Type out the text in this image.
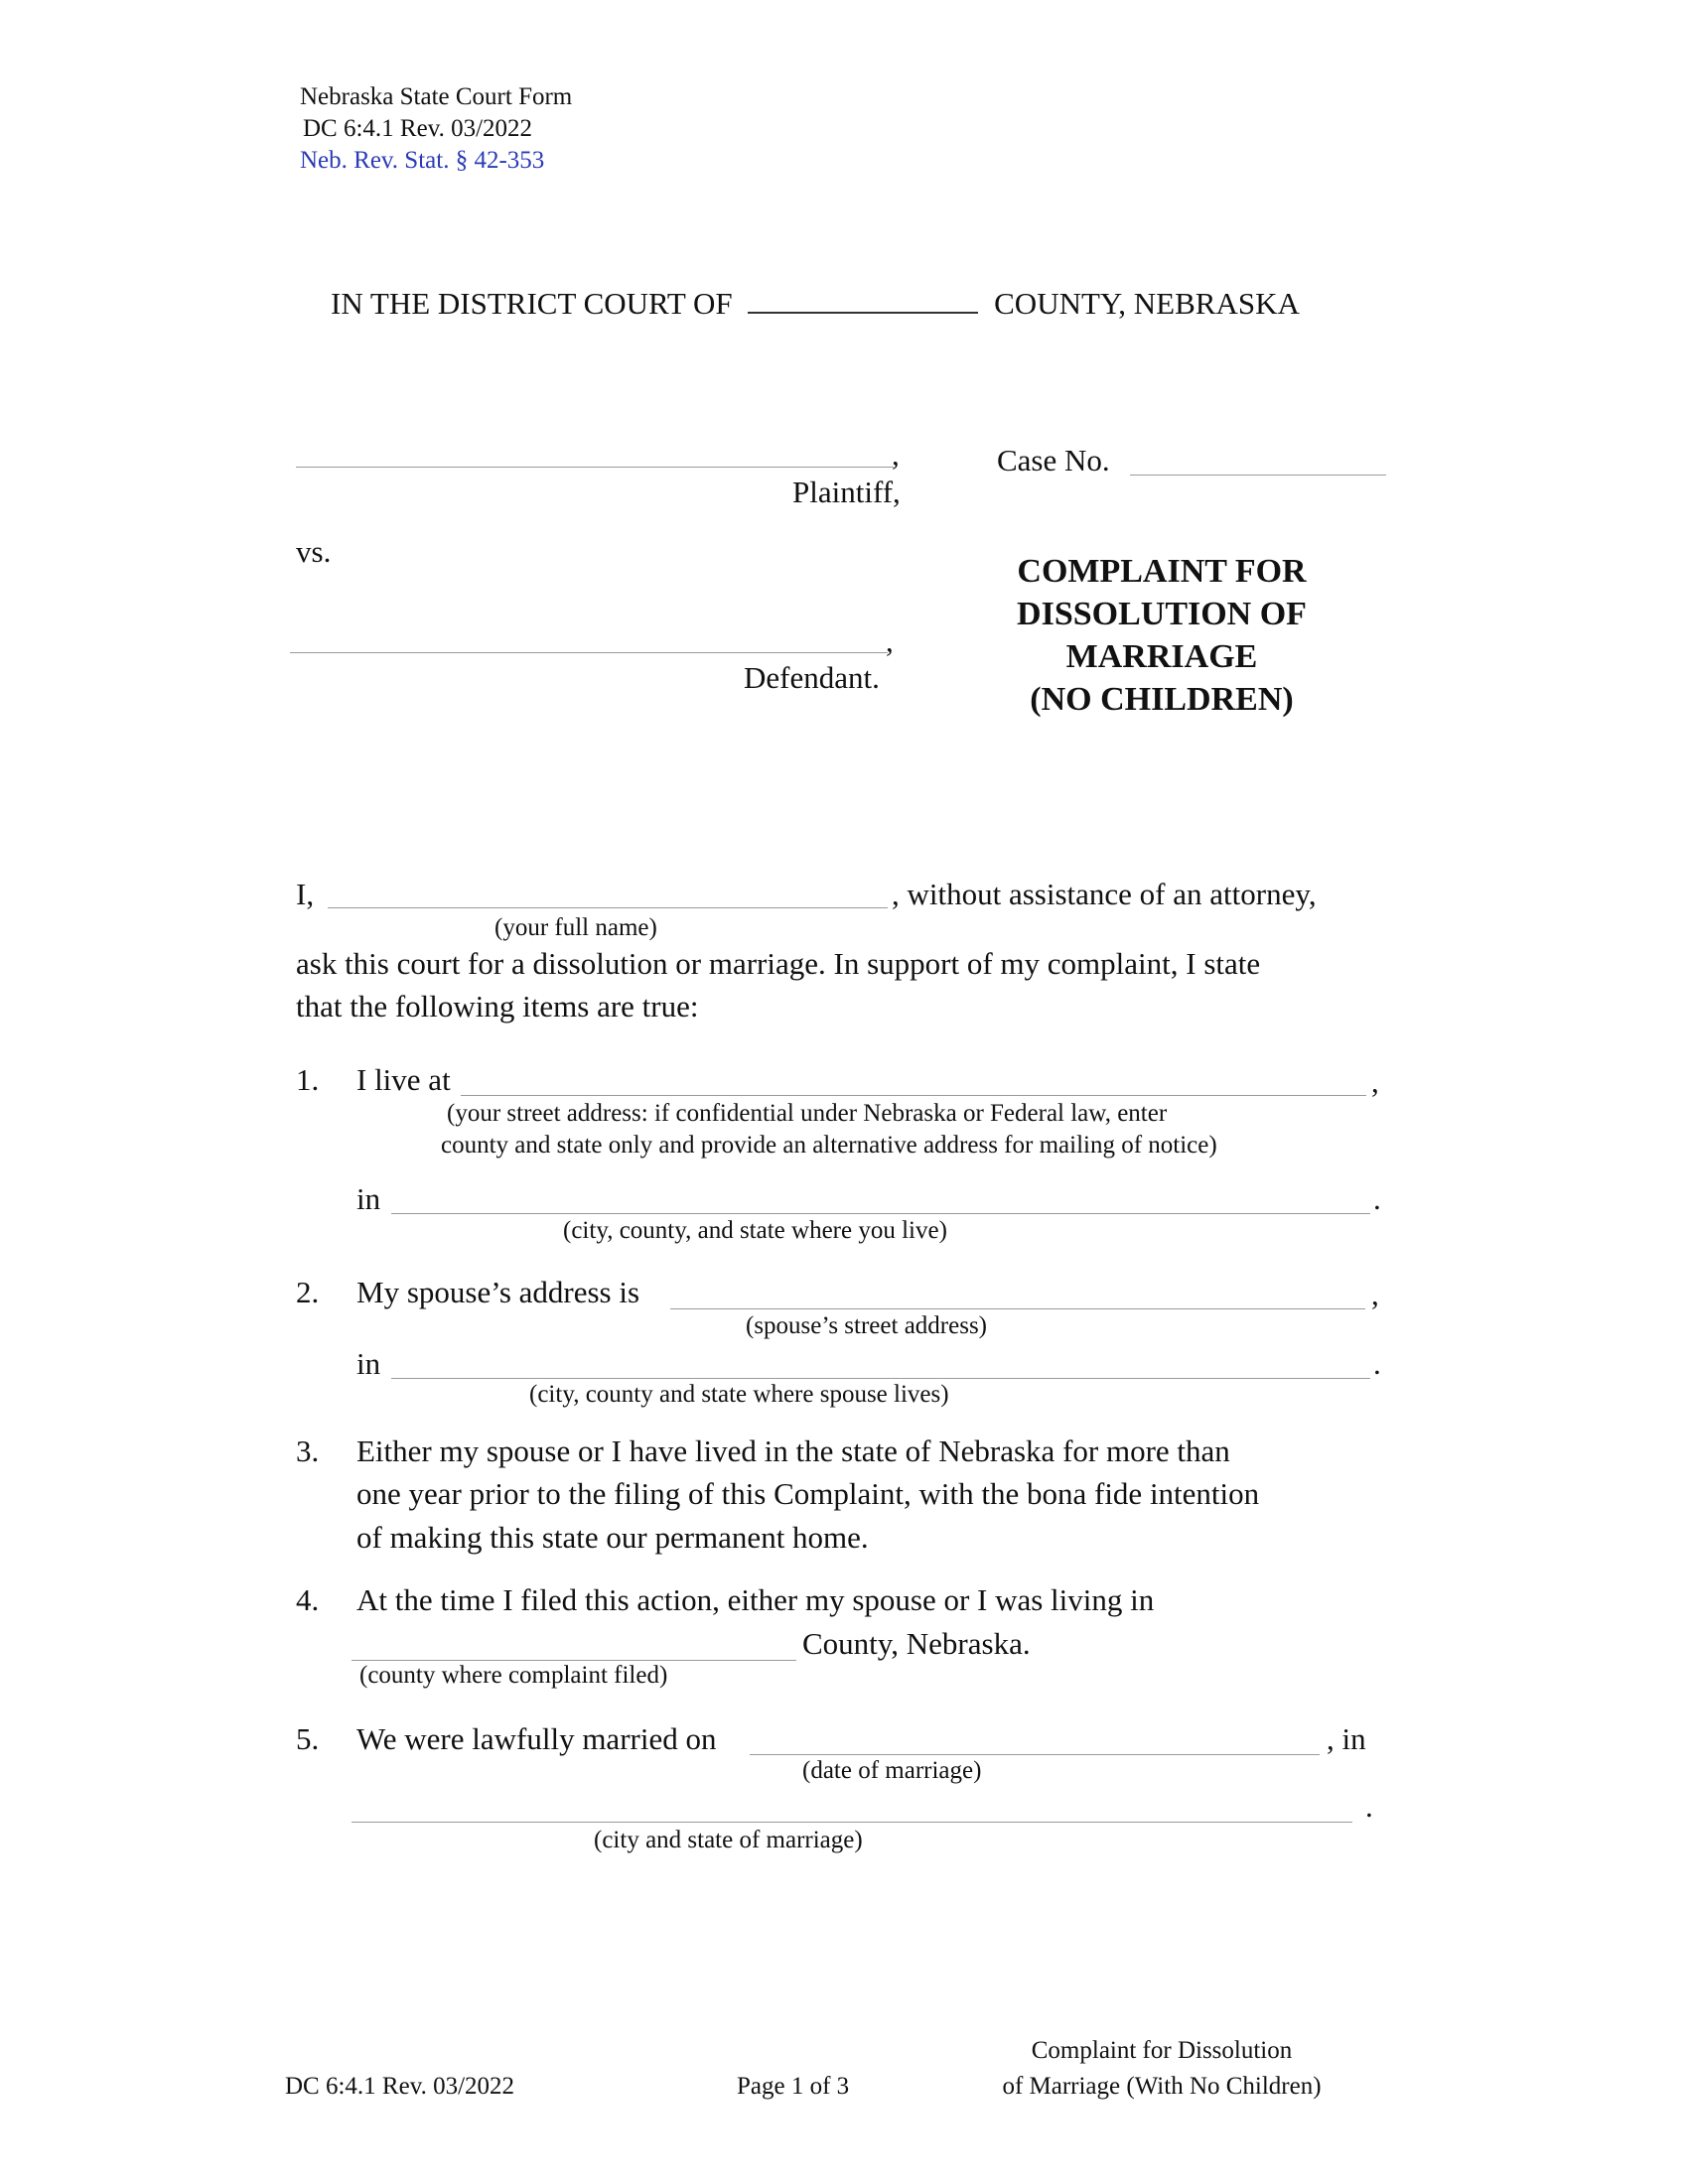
Nebraska State Court Form
DC 6:4.1 Rev. 03/2022
Neb. Rev. Stat. § 42-353
IN THE DISTRICT COURT OF	COUNTY, NEBRASKA
,
Plaintiff,
Case No.
vs.
,
Defendant.
COMPLAINT FOR
DISSOLUTION OF
MARRIAGE
(NO CHILDREN)
I,	, without assistance of an attorney,
(your full name)
ask this court for a dissolution or marriage. In support of my complaint, I state
that the following items are true:
1. I live at	,
(your street address: if confidential under Nebraska or Federal law, enter
county and state only and provide an alternative address for mailing of notice)
in	.
(city, county, and state where you live)
2. My spouse’s address is	,
(spouse’s street address)
in	.
(city, county and state where spouse lives)
3. Either my spouse or I have lived in the state of Nebraska for more than
one year prior to the filing of this Complaint, with the bona fide intention
of making this state our permanent home.
4. At the time I filed this action, either my spouse or I was living in
County, Nebraska.
(county where complaint filed)
5. We were lawfully married on	, in
(date of marriage)
.
(city and state of marriage)
DC 6:4.1 Rev. 03/2022	Page 1 of 3
Complaint for Dissolution
of Marriage (With No Children)
